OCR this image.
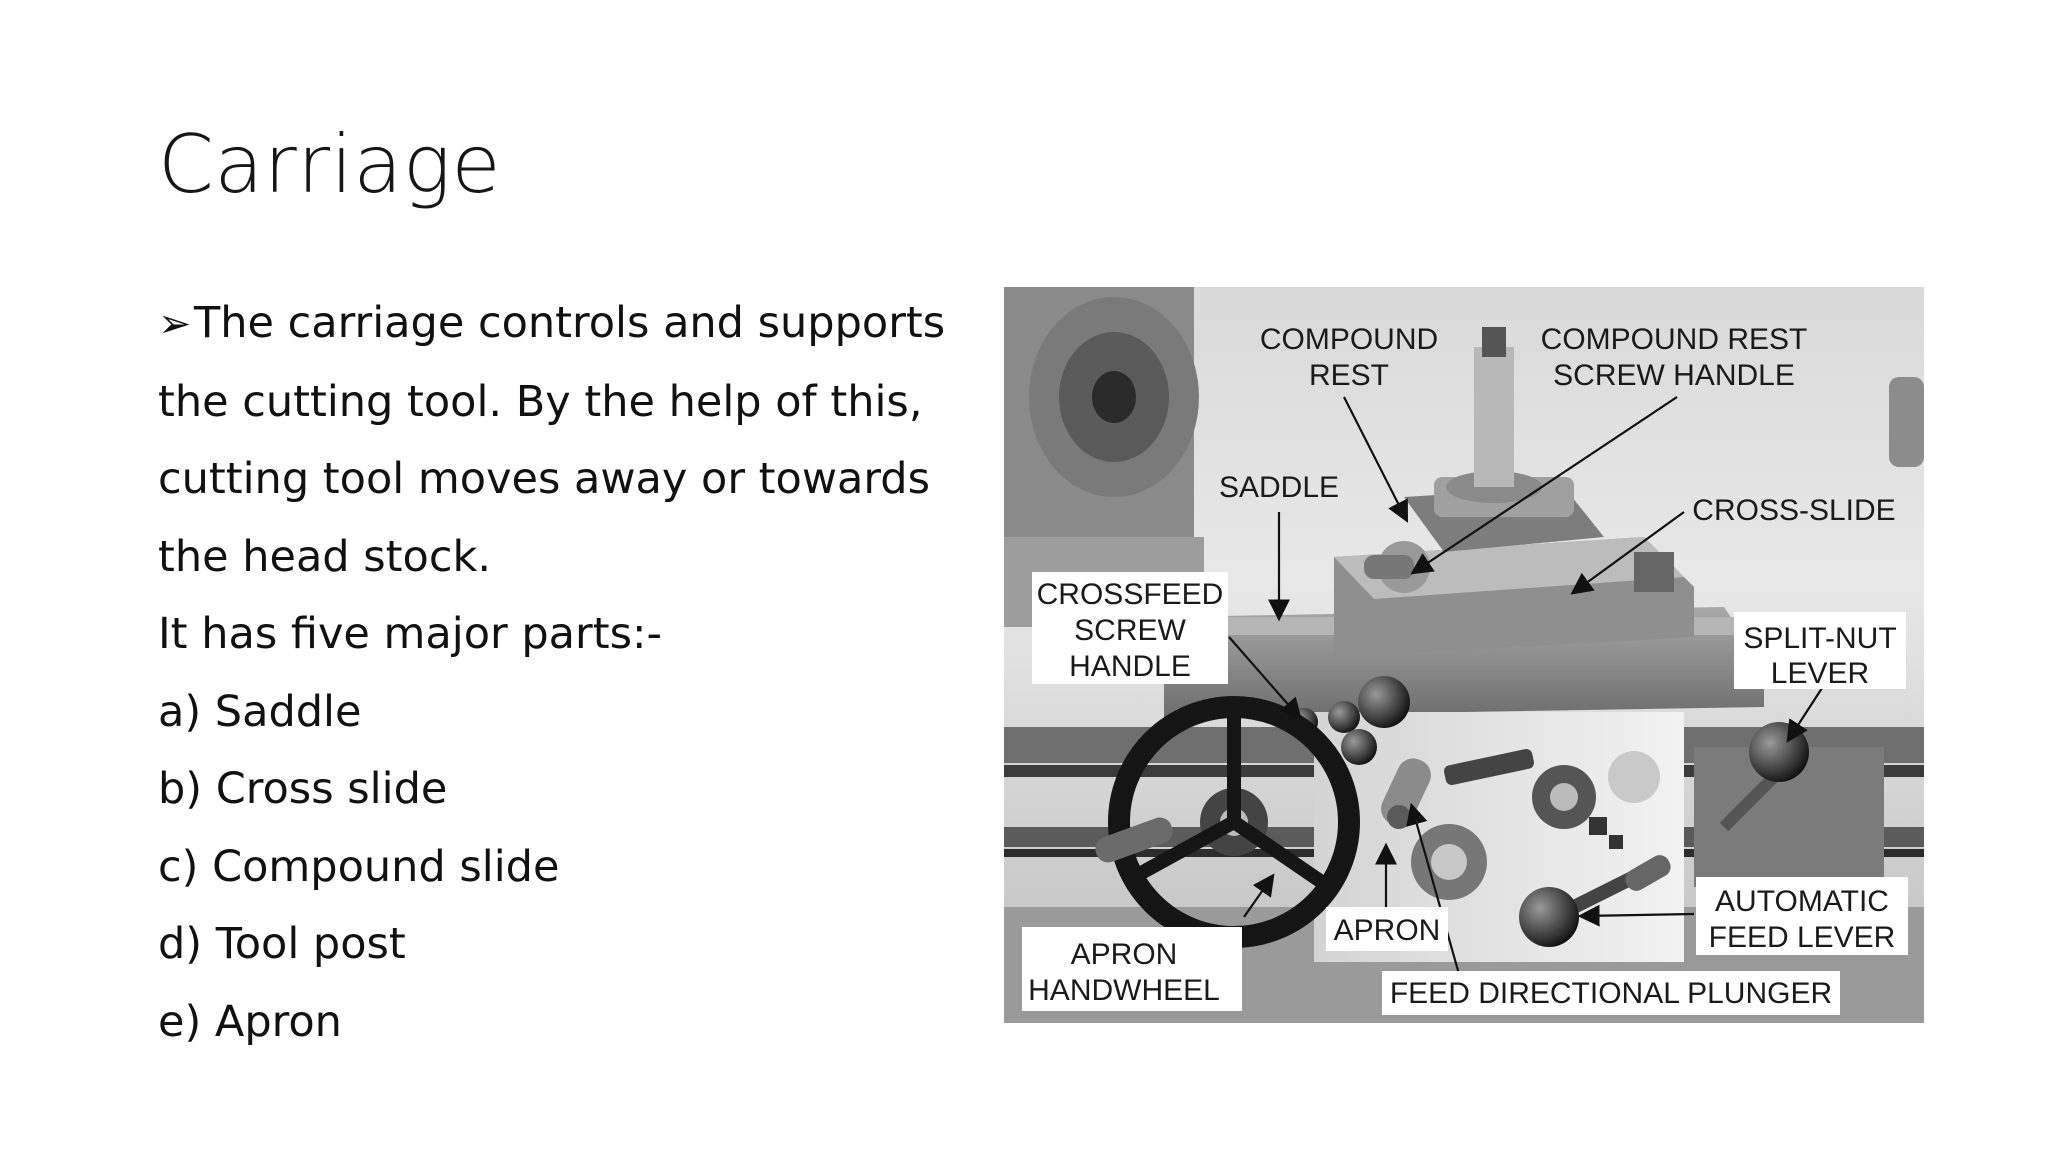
Carriage
➢The carriage controls and supports
the cutting tool. By the help of this,
cutting tool moves away or towards
the head stock.
It has five major parts:-
a) Saddle
b) Cross slide
c) Compound slide
d) Tool post
e) Apron
COMPOUND
REST
COMPOUND REST
SCREW HANDLE
SADDLE
CROSS-SLIDE
CROSSFEED
SCREW
HANDLE
SPLIT-NUT
LEVER
AUTOMATIC
FEED LEVER
APRON
APRON
HANDWHEEL	FEED DIRECTIONAL PLUNGER
